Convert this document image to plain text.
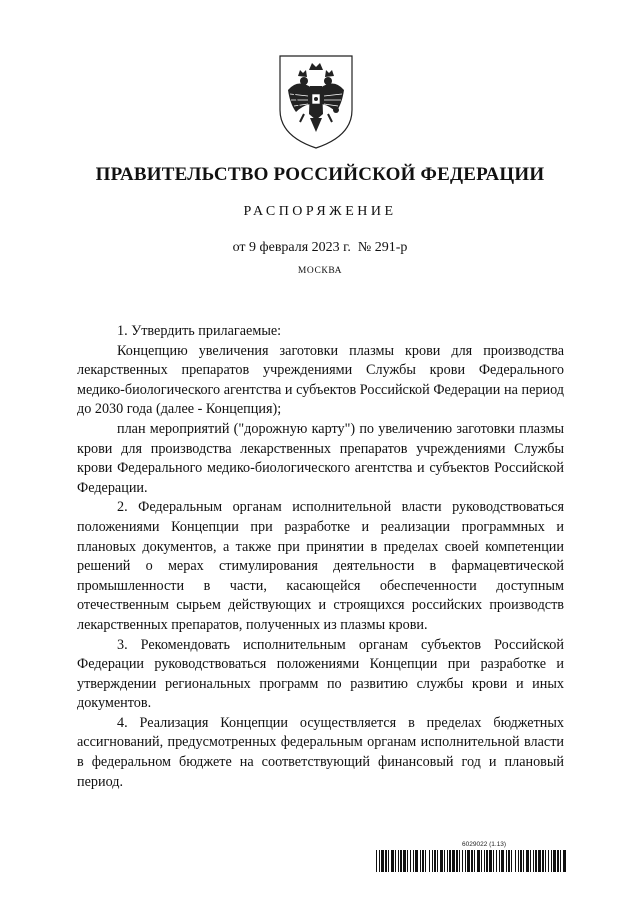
ПРАВИТЕЛЬСТВО РОССИЙСКОЙ ФЕДЕРАЦИИ
РАСПОРЯЖЕНИЕ
от 9 февраля 2023 г. № 291-р
МОСКВА

1. Утвердить прилагаемые:

Концепцию увеличения заготовки плазмы крови для производства лекарственных препаратов учреждениями Службы крови Федерального медико-биологического агентства и субъектов Российской Федерации на период до 2030 года (далее - Концепция);

план мероприятий ("дорожную карту") по увеличению заготовки плазмы крови для производства лекарственных препаратов учреждениями Службы крови Федерального медико-биологического агентства и субъектов Российской Федерации.

2. Федеральным органам исполнительной власти руководствоваться положениями Концепции при разработке и реализации программных и плановых документов, а также при принятии в пределах своей компетенции решений о мерах стимулирования деятельности в фармацевтической промышленности в части, касающейся обеспеченности доступным отечественным сырьем действующих и строящихся российских производств лекарственных препаратов, полученных из плазмы крови.

3. Рекомендовать исполнительным органам субъектов Российской Федерации руководствоваться положениями Концепции при разработке и утверждении региональных программ по развитию службы крови и иных документов.

4. Реализация Концепции осуществляется в пределах бюджетных ассигнований, предусмотренных федеральным органам исполнительной власти в федеральном бюджете на соответствующий финансовый год и плановый период.

6029022 (1.13)
